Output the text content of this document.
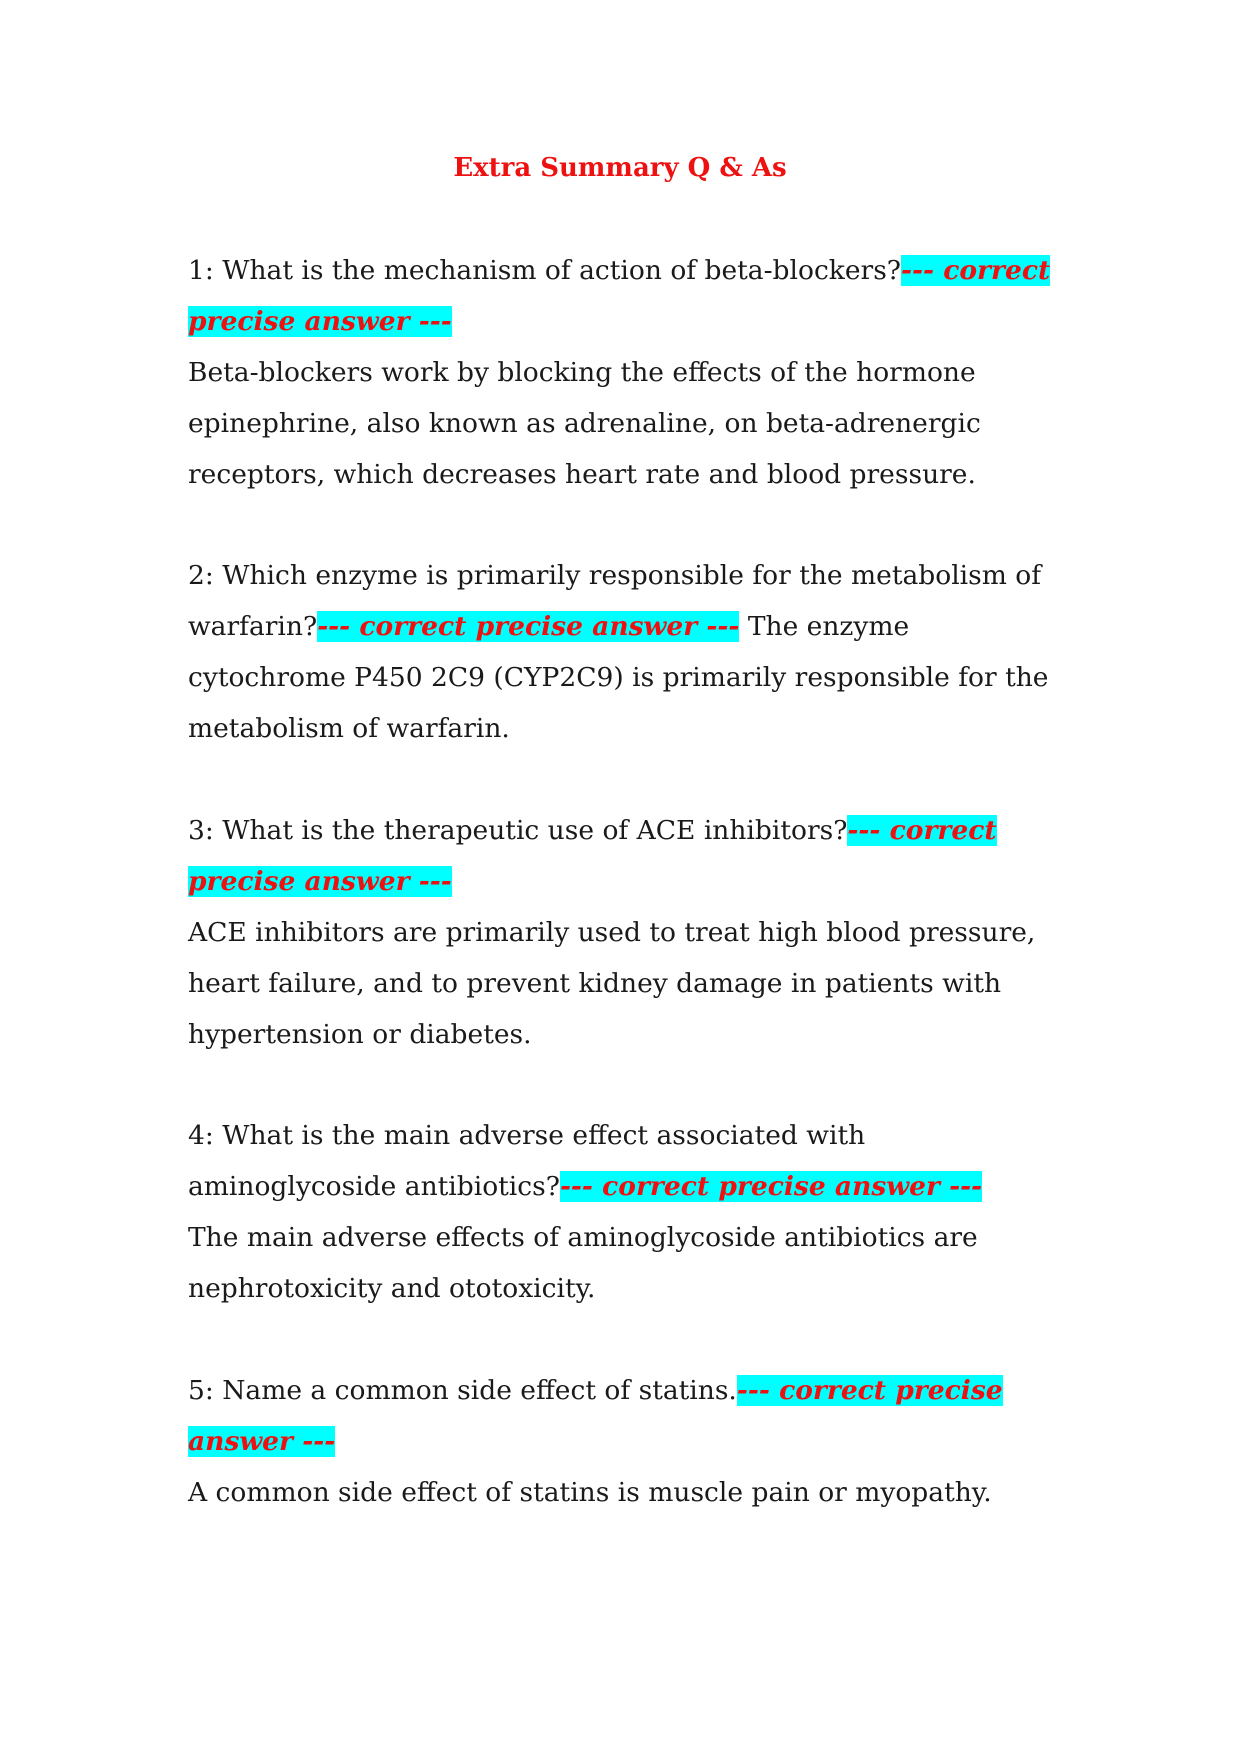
Extra Summary Q & As

1: What is the mechanism of action of beta-blockers?--- correct precise answer ---

Beta-blockers work by blocking the effects of the hormone epinephrine, also known as adrenaline, on beta-adrenergic receptors, which decreases heart rate and blood pressure.

2: Which enzyme is primarily responsible for the metabolism of warfarin?--- correct precise answer --- The enzyme cytochrome P450 2C9 (CYP2C9) is primarily responsible for the metabolism of warfarin.

3: What is the therapeutic use of ACE inhibitors?--- correct precise answer ---

ACE inhibitors are primarily used to treat high blood pressure, heart failure, and to prevent kidney damage in patients with hypertension or diabetes.

4: What is the main adverse effect associated with aminoglycoside antibiotics?--- correct precise answer ---

The main adverse effects of aminoglycoside antibiotics are nephrotoxicity and ototoxicity.

5: Name a common side effect of statins.--- correct precise answer ---

A common side effect of statins is muscle pain or myopathy.
